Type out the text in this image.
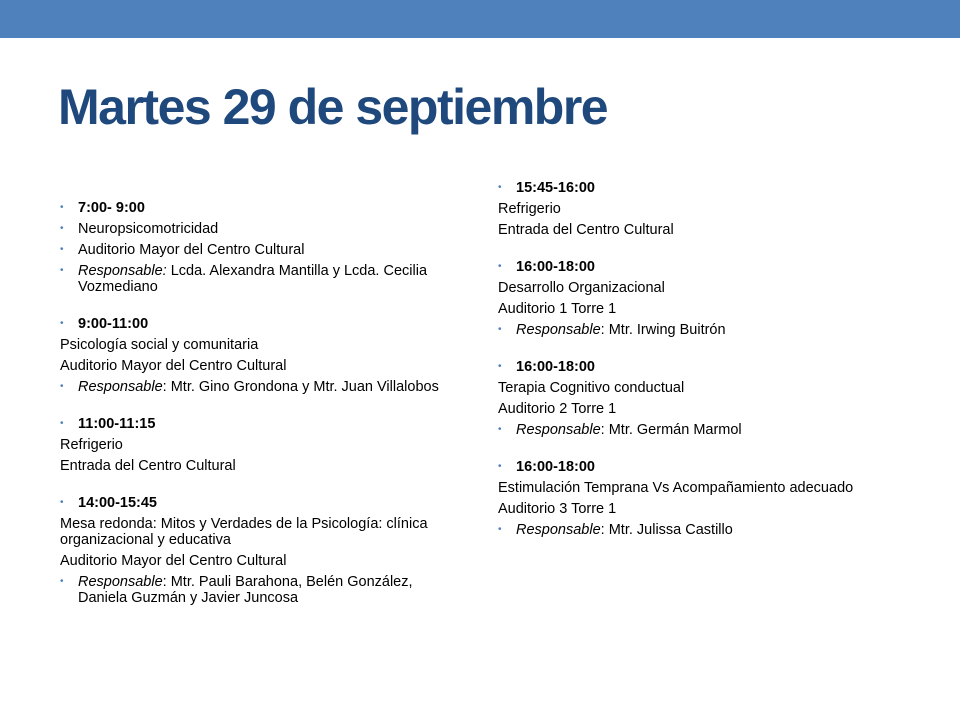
Martes 29 de septiembre
• 7:00- 9:00
• Neuropsicomotricidad
• Auditorio Mayor del Centro Cultural
• Responsable: Lcda. Alexandra Mantilla y Lcda. Cecilia Vozmediano
• 9:00-11:00
Psicología social y comunitaria
Auditorio Mayor del Centro Cultural
• Responsable: Mtr. Gino Grondona y Mtr. Juan Villalobos
• 11:00-11:15
Refrigerio
Entrada del Centro Cultural
• 14:00-15:45
Mesa redonda: Mitos y Verdades de la Psicología: clínica organizacional y educativa
Auditorio Mayor del Centro Cultural
• Responsable: Mtr. Pauli Barahona, Belén González, Daniela Guzmán y Javier Juncosa
• 15:45-16:00
Refrigerio
Entrada del Centro Cultural
• 16:00-18:00
Desarrollo Organizacional
Auditorio 1 Torre 1
• Responsable: Mtr. Irwing Buitrón
• 16:00-18:00
Terapia Cognitivo conductual
Auditorio 2 Torre 1
• Responsable: Mtr. Germán Marmol
• 16:00-18:00
Estimulación Temprana Vs Acompañamiento adecuado
Auditorio 3 Torre 1
• Responsable: Mtr. Julissa Castillo
